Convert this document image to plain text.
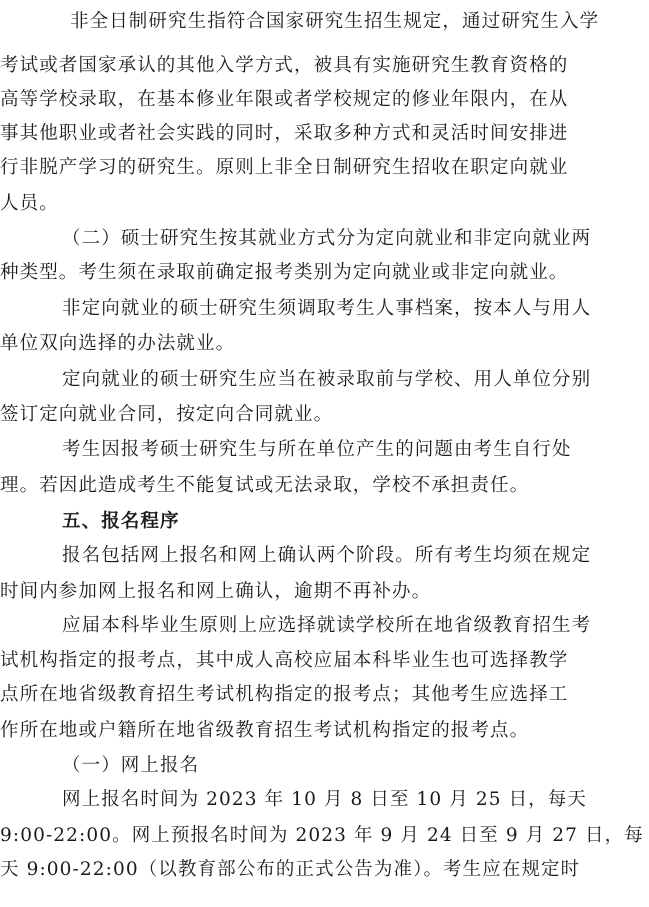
非全日制研究生指符合国家研究生招生规定，通过研究生入学
考试或者国家承认的其他入学方式，被具有实施研究生教育资格的
高等学校录取，在基本修业年限或者学校规定的修业年限内，在从
事其他职业或者社会实践的同时，采取多种方式和灵活时间安排进
行非脱产学习的研究生。原则上非全日制研究生招收在职定向就业
人员。
（二）硕士研究生按其就业方式分为定向就业和非定向就业两
种类型。考生须在录取前确定报考类别为定向就业或非定向就业。
非定向就业的硕士研究生须调取考生人事档案，按本人与用人
单位双向选择的办法就业。
定向就业的硕士研究生应当在被录取前与学校、用人单位分别
签订定向就业合同，按定向合同就业。
考生因报考硕士研究生与所在单位产生的问题由考生自行处
理。若因此造成考生不能复试或无法录取，学校不承担责任。
五、报名程序
报名包括网上报名和网上确认两个阶段。所有考生均须在规定
时间内参加网上报名和网上确认，逾期不再补办。
应届本科毕业生原则上应选择就读学校所在地省级教育招生考
试机构指定的报考点，其中成人高校应届本科毕业生也可选择教学
点所在地省级教育招生考试机构指定的报考点；其他考生应选择工
作所在地或户籍所在地省级教育招生考试机构指定的报考点。
（一）网上报名
网上报名时间为 2023 年 10 月 8 日至 10 月 25 日，每天
9:00-22:00。网上预报名时间为 2023 年 9 月 24 日至 9 月 27 日，每
天 9:00-22:00（以教育部公布的正式公告为准）。考生应在规定时
